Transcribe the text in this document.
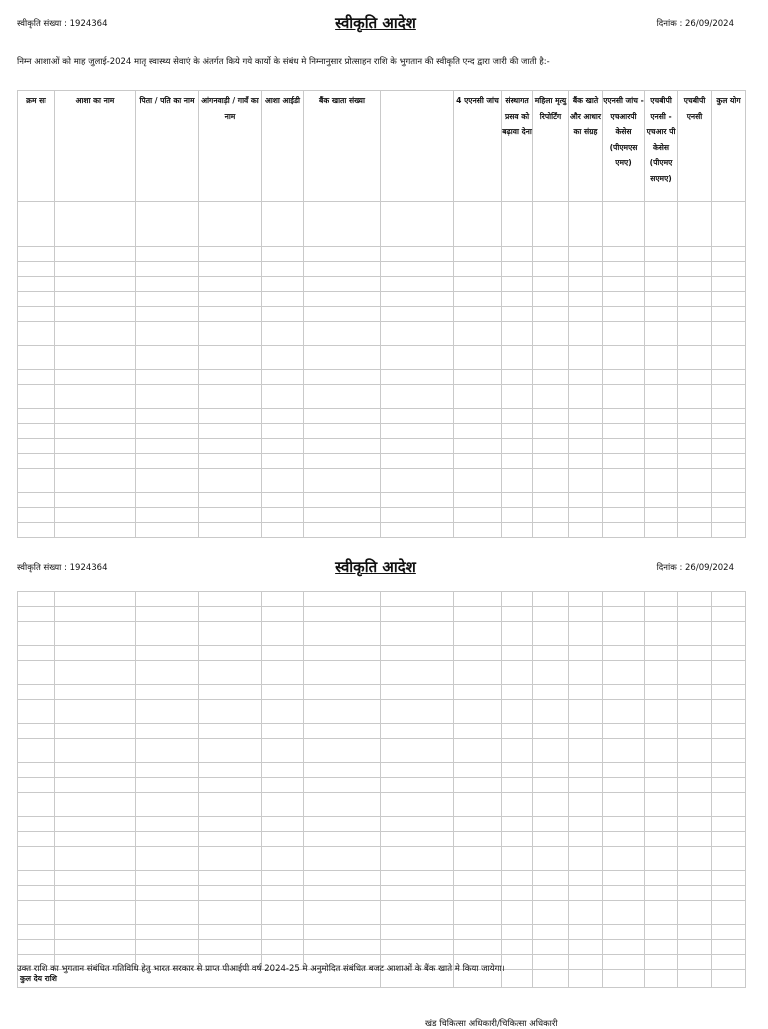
स्वीकृति संख्या : 1924364	स्वीकृति आदेश	दिनांक : 26/09/2024
निम्न आशाओं को माह जुलाई-2024 मातृ स्वास्थ्य सेवाएं के अंतर्गत किये गये कार्यो के संबंध मे निम्नानुसार प्रोत्साहन राशि के भुगतान की स्वीकृति एन्द द्वारा जारी की जाती है:-
क्रम सः	आशा का नाम	पिता / पति का नाम	आंगनवाड़ी / गावँ का नाम	आशा आईडी	बैंक खाता संख्या		4 एएनसी जांच	संस्थागत प्रसव को बढ़ावा देना	महिला मृत्यु रिपोर्टिंग	बैंक खाते और आधार का संग्रह	एएनसी जांच - एचआरपी केसेस (पीएमएस एमए)	एचबीपी एनसी - एचआर पी केसेस (पीएमए सएमए)	एचबीपी एनसी	कुल योग

स्वीकृति संख्या : 1924364	स्वीकृति आदेश	दिनांक : 26/09/2024

कुल देय राशि														
उक्त राशि का भुगतान संबंधित गतिविधि हेतु भारत सरकार से प्राप्त पीआईपी वर्ष 2024-25 मे अनुमोदित संबंधित बजट आशाओं के बैंक खाते मे किया जायेगा।
खंड चिकित्सा अधिकारी/चिकित्सा अधिकारी
